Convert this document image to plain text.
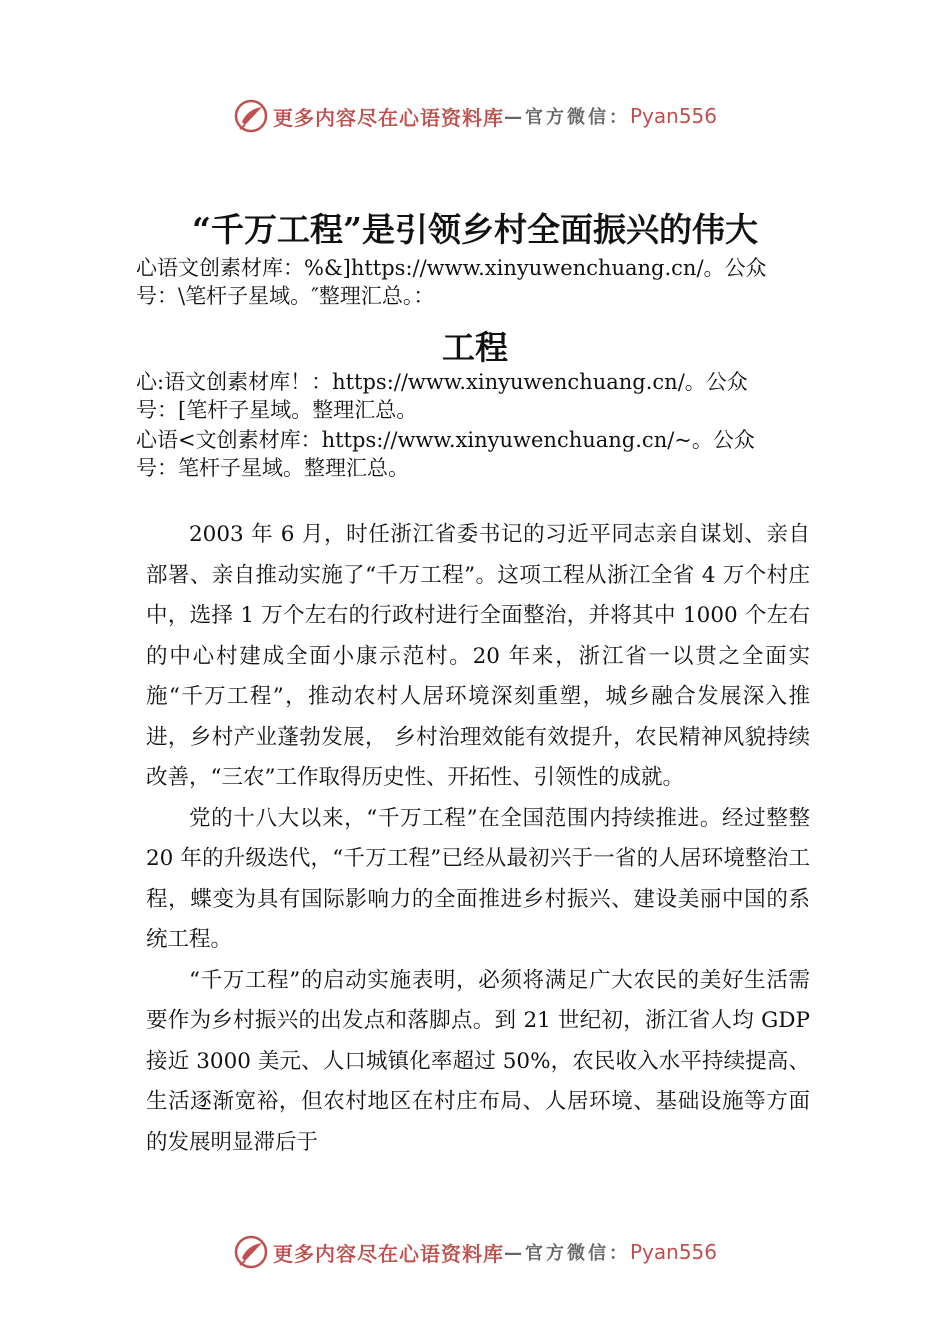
更多内容尽在心语资料库 —官方微信： Pyan556
“千万工程”是引领乡村全面振兴的伟大
心语文创素材库：%&]https://www.xinyuwenchuang.cn/。公众
号：\笔杆子星域。″整理汇总。：
工程
心:语文创素材库！：https://www.xinyuwenchuang.cn/。公众
号：[笔杆子星域。整理汇总。
心语<文创素材库：https://www.xinyuwenchuang.cn/~。公众
号：笔杆子星域。整理汇总。

2003 年 6 月，时任浙江省委书记的习近平同志亲自谋划、亲自部署、亲自推动实施了“千万工程”。这项工程从浙江全省 4 万个村庄中，选择 1 万个左右的行政村进行全面整治，并将其中 1000 个左右的中心村建成全面小康示范村。20 年来，浙江省一以贯之全面实施“千万工程”，推动农村人居环境深刻重塑，城乡融合发展深入推进，乡村产业蓬勃发展， 乡村治理效能有效提升，农民精神风貌持续改善，“三农”工作取得历史性、开拓性、引领性的成就。

党的十八大以来，“千万工程”在全国范围内持续推进。经过整整 20 年的升级迭代，“千万工程”已经从最初兴于一省的人居环境整治工程，蝶变为具有国际影响力的全面推进乡村振兴、建设美丽中国的系统工程。

“千万工程”的启动实施表明，必须将满足广大农民的美好生活需要作为乡村振兴的出发点和落脚点。到 21 世纪初，浙江省人均 GDP 接近 3000 美元、人口城镇化率超过 50%，农民收入水平持续提高、生活逐渐宽裕，但农村地区在村庄布局、人居环境、基础设施等方面的发展明显滞后于

更多内容尽在心语资料库 —官方微信： Pyan556
